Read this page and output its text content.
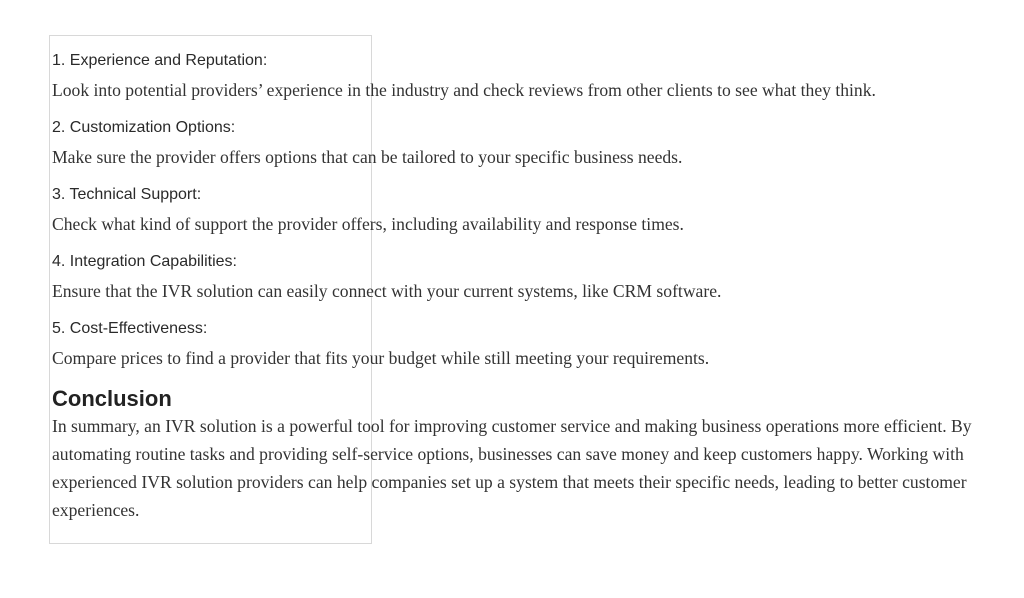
1. Experience and Reputation:

Look into potential providers’ experience in the industry and check reviews from other clients to see what they think.

2. Customization Options:

Make sure the provider offers options that can be tailored to your specific business needs.

3. Technical Support:

Check what kind of support the provider offers, including availability and response times.

4. Integration Capabilities:

Ensure that the IVR solution can easily connect with your current systems, like CRM software.

5. Cost-Effectiveness:

Compare prices to find a provider that fits your budget while still meeting your requirements.

Conclusion

In summary, an IVR solution is a powerful tool for improving customer service and making business operations more efficient. By automating routine tasks and providing self-service options, businesses can save money and keep customers happy. Working with experienced IVR solution providers can help companies set up a system that meets their specific needs, leading to better customer experiences.
